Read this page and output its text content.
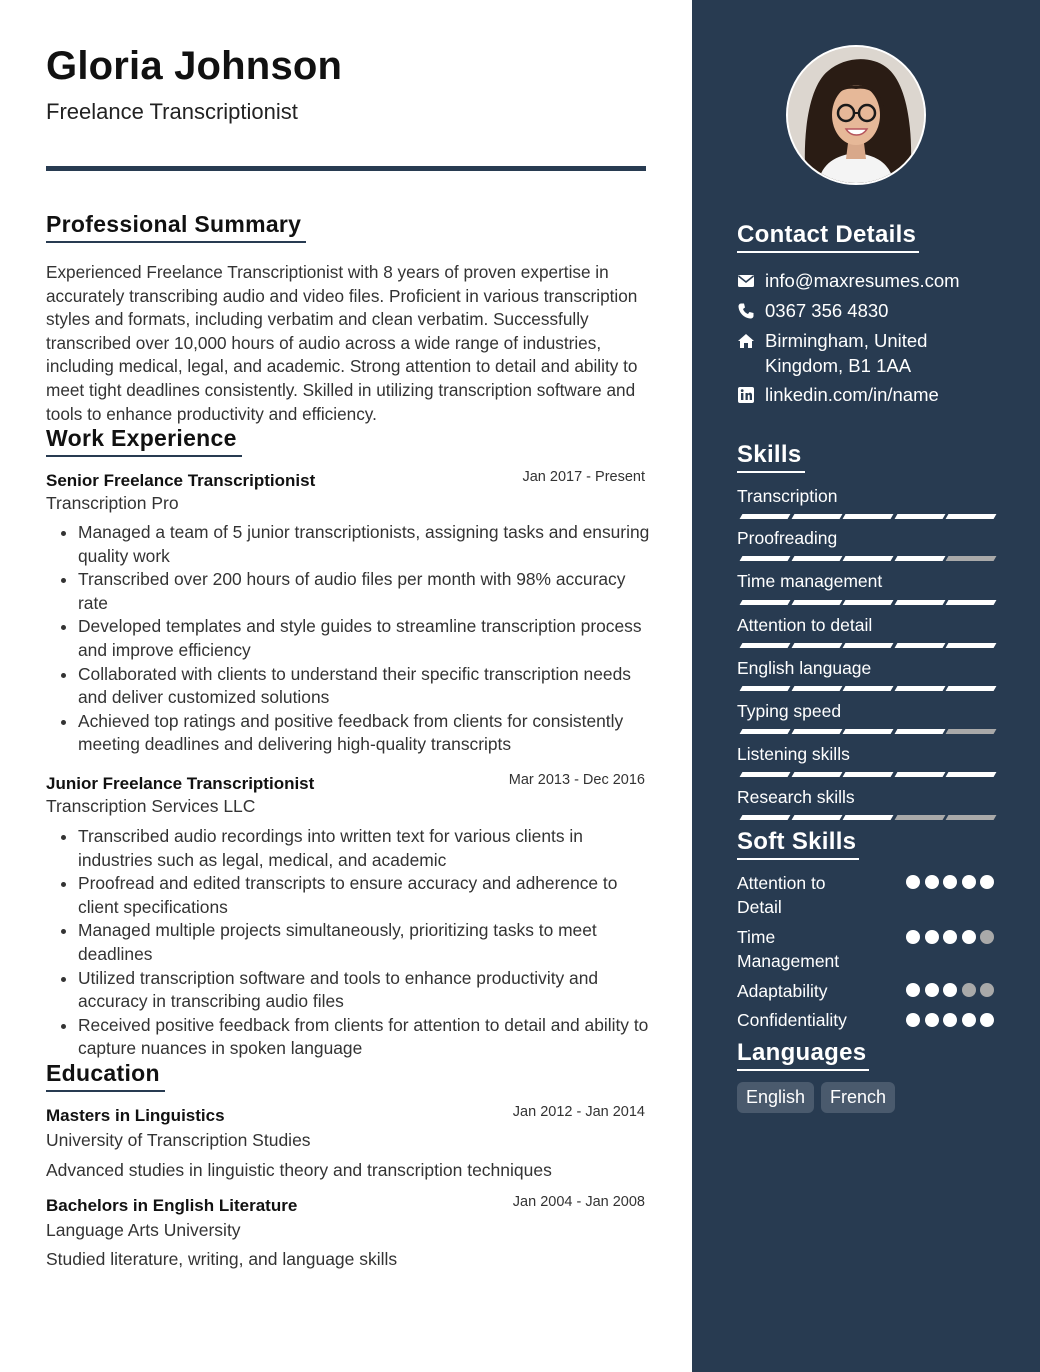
Gloria Johnson
Freelance Transcriptionist
Professional Summary
Experienced Freelance Transcriptionist with 8 years of proven expertise in accurately transcribing audio and video files. Proficient in various transcription styles and formats, including verbatim and clean verbatim. Successfully transcribed over 10,000 hours of audio across a wide range of industries, including medical, legal, and academic. Strong attention to detail and ability to meet tight deadlines consistently. Skilled in utilizing transcription software and tools to enhance productivity and efficiency.
Work Experience
Senior Freelance Transcriptionist	Jan 2017 - Present
Transcription Pro
• Managed a team of 5 junior transcriptionists, assigning tasks and ensuring quality work
• Transcribed over 200 hours of audio files per month with 98% accuracy rate
• Developed templates and style guides to streamline transcription process and improve efficiency
• Collaborated with clients to understand their specific transcription needs and deliver customized solutions
• Achieved top ratings and positive feedback from clients for consistently meeting deadlines and delivering high-quality transcripts
Junior Freelance Transcriptionist	Mar 2013 - Dec 2016
Transcription Services LLC
• Transcribed audio recordings into written text for various clients in industries such as legal, medical, and academic
• Proofread and edited transcripts to ensure accuracy and adherence to client specifications
• Managed multiple projects simultaneously, prioritizing tasks to meet deadlines
• Utilized transcription software and tools to enhance productivity and accuracy in transcribing audio files
• Received positive feedback from clients for attention to detail and ability to capture nuances in spoken language
Education
Masters in Linguistics	Jan 2012 - Jan 2014
University of Transcription Studies
Advanced studies in linguistic theory and transcription techniques
Bachelors in English Literature	Jan 2004 - Jan 2008
Language Arts University
Studied literature, writing, and language skills
Contact Details
info@maxresumes.com
0367 356 4830
Birmingham, United
Kingdom, B1 1AA
linkedin.com/in/name
Skills
Transcription
Proofreading
Time management
Attention to detail
English language
Typing speed
Listening skills
Research skills
Soft Skills
Attention to
Detail
Time
Management
Adaptability
Confidentiality
Languages
English	French
